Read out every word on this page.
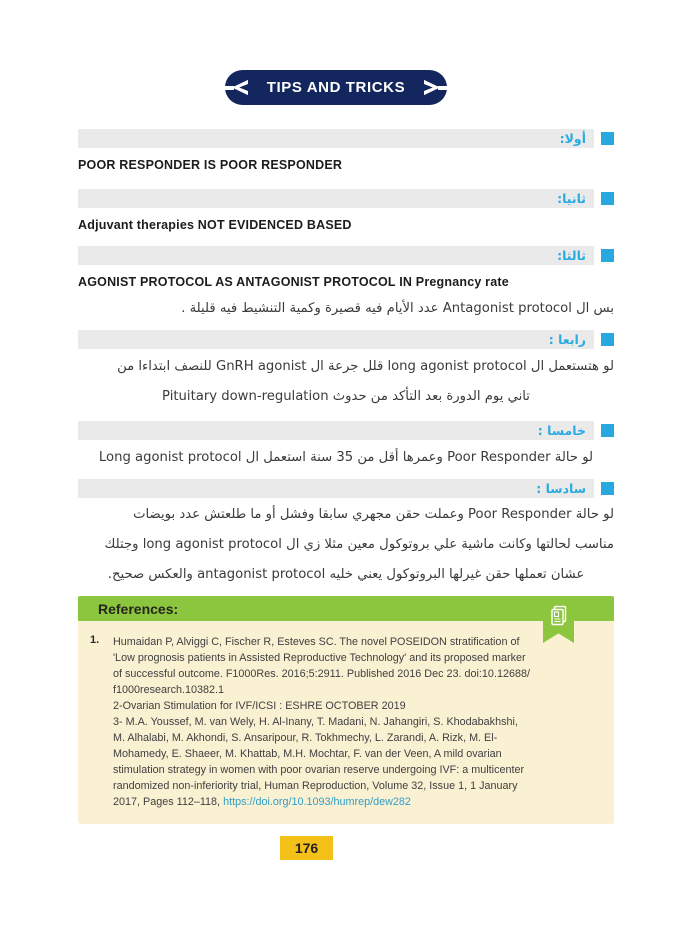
TIPS AND TRICKS
أولا:
POOR RESPONDER IS POOR RESPONDER
ثانيا:
Adjuvant therapies NOT EVIDENCED BASED
ثالثا:
AGONIST PROTOCOL AS ANTAGONIST PROTOCOL IN Pregnancy rate
بس ال Antagonist protocol عدد الأيام فيه قصيرة وكمية التنشيط فيه قليلة .
رابعا :
لو هتستعمل ال long agonist protocol قلل جرعة ال GnRH agonist للنصف ابتداءا من
تاني يوم الدورة بعد التأكد من حدوث Pituitary down-regulation
خامسا :
لو حالة Poor Responder وعمرها أقل من 35 سنة استعمل ال Long agonist protocol
سادسا :
لو حالة Poor Responder وعملت حقن مجهري سابقا وفشل أو ما طلعتش عدد بويضات
مناسب لحالتها وكانت ماشية علي بروتوكول معين مثلا زي ال long agonist protocol وجتلك
عشان تعملها حقن غيرلها البروتوكول يعني خليه antagonist protocol والعكس صحيح.
References:
1. Humaidan P, Alviggi C, Fischer R, Esteves SC. The novel POSEIDON stratification of
'Low prognosis patients in Assisted Reproductive Technology' and its proposed marker
of successful outcome. F1000Res. 2016;5:2911. Published 2016 Dec 23. doi:10.12688/
f1000research.10382.1
2-Ovarian Stimulation for IVF/ICSI : ESHRE OCTOBER 2019
3- M.A. Youssef, M. van Wely, H. Al-Inany, T. Madani, N. Jahangiri, S. Khodabakhshi,
M. Alhalabi, M. Akhondi, S. Ansaripour, R. Tokhmechy, L. Zarandi, A. Rizk, M. El-
Mohamedy, E. Shaeer, M. Khattab, M.H. Mochtar, F. van der Veen, A mild ovarian
stimulation strategy in women with poor ovarian reserve undergoing IVF: a multicenter
randomized non-inferiority trial, Human Reproduction, Volume 32, Issue 1, 1 January
2017, Pages 112–118, https://doi.org/10.1093/humrep/dew282
176
